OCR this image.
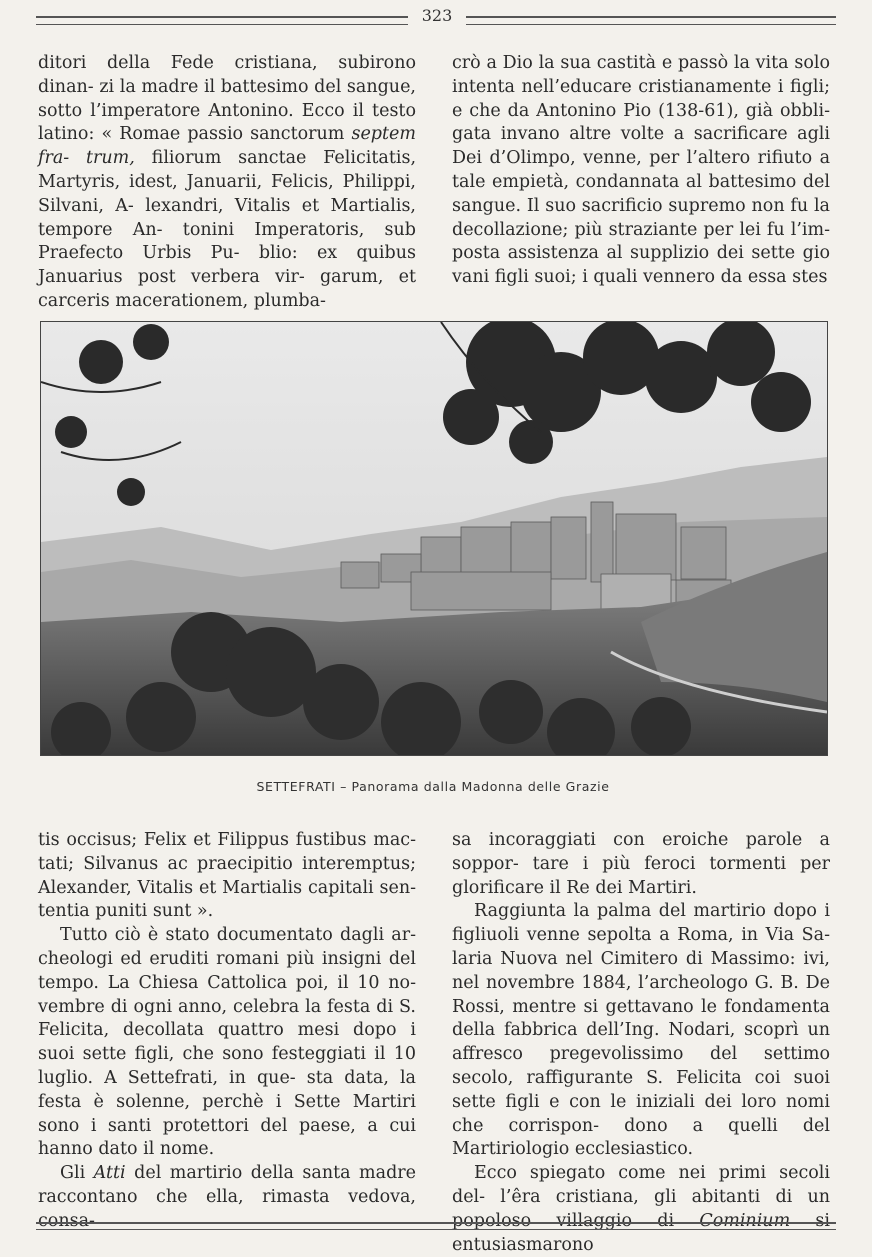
323

ditori della Fede cristiana, subirono dinan- zi la madre il battesimo del sangue, sotto l’imperatore Antonino. Ecco il testo latino: « Romae passio sanctorum septem fra- trum, filiorum sanctae Felicitatis, Martyris, idest, Januarii, Felicis, Philippi, Silvani, A- lexandri, Vitalis et Martialis, tempore An- tonini Imperatoris, sub Praefecto Urbis Pu- blio: ex quibus Januarius post verbera vir- garum, et carceris macerationem, plumba-

crò a Dio la sua castità e passò la vita solo intenta nell’educare cristianamente i figli; e che da Antonino Pio (138-61), già obbli- gata invano altre volte a sacrificare agli Dei d’Olimpo, venne, per l’altero rifiuto a tale empietà, condannata al battesimo del sangue. Il suo sacrificio supremo non fu la decollazione; più straziante per lei fu l’im- posta assistenza al supplizio dei sette gio vani figli suoi; i quali vennero da essa stes

SETTEFRATI – Panorama dalla Madonna delle Grazie

tis occisus; Felix et Filippus fustibus mac- tati; Silvanus ac praecipitio interemptus; Alexander, Vitalis et Martialis capitali sen- tentia puniti sunt ».

Tutto ciò è stato documentato dagli ar- cheologi ed eruditi romani più insigni del tempo. La Chiesa Cattolica poi, il 10 no- vembre di ogni anno, celebra la festa di S. Felicita, decollata quattro mesi dopo i suoi sette figli, che sono festeggiati il 10 luglio. A Settefrati, in que- sta data, la festa è solenne, perchè i Sette Martiri sono i santi protettori del paese, a cui hanno dato il nome.

Gli Atti del martirio della santa madre raccontano che ella, rimasta vedova, consa-

sa incoraggiati con eroiche parole a soppor- tare i più feroci tormenti per glorificare il Re dei Martiri.

Raggiunta la palma del martirio dopo i figliuoli venne sepolta a Roma, in Via Sa- laria Nuova nel Cimitero di Massimo: ivi, nel novembre 1884, l’archeologo G. B. De Rossi, mentre si gettavano le fondamenta della fabbrica dell’Ing. Nodari, scoprì un affresco pregevolissimo del settimo secolo, raffigurante S. Felicita coi suoi sette figli e con le iniziali dei loro nomi che corrispon- dono a quelli del Martiriologio ecclesiastico.

Ecco spiegato come nei primi secoli del- l’êra cristiana, gli abitanti di un popoloso villaggio di Cominium si entusiasmarono
